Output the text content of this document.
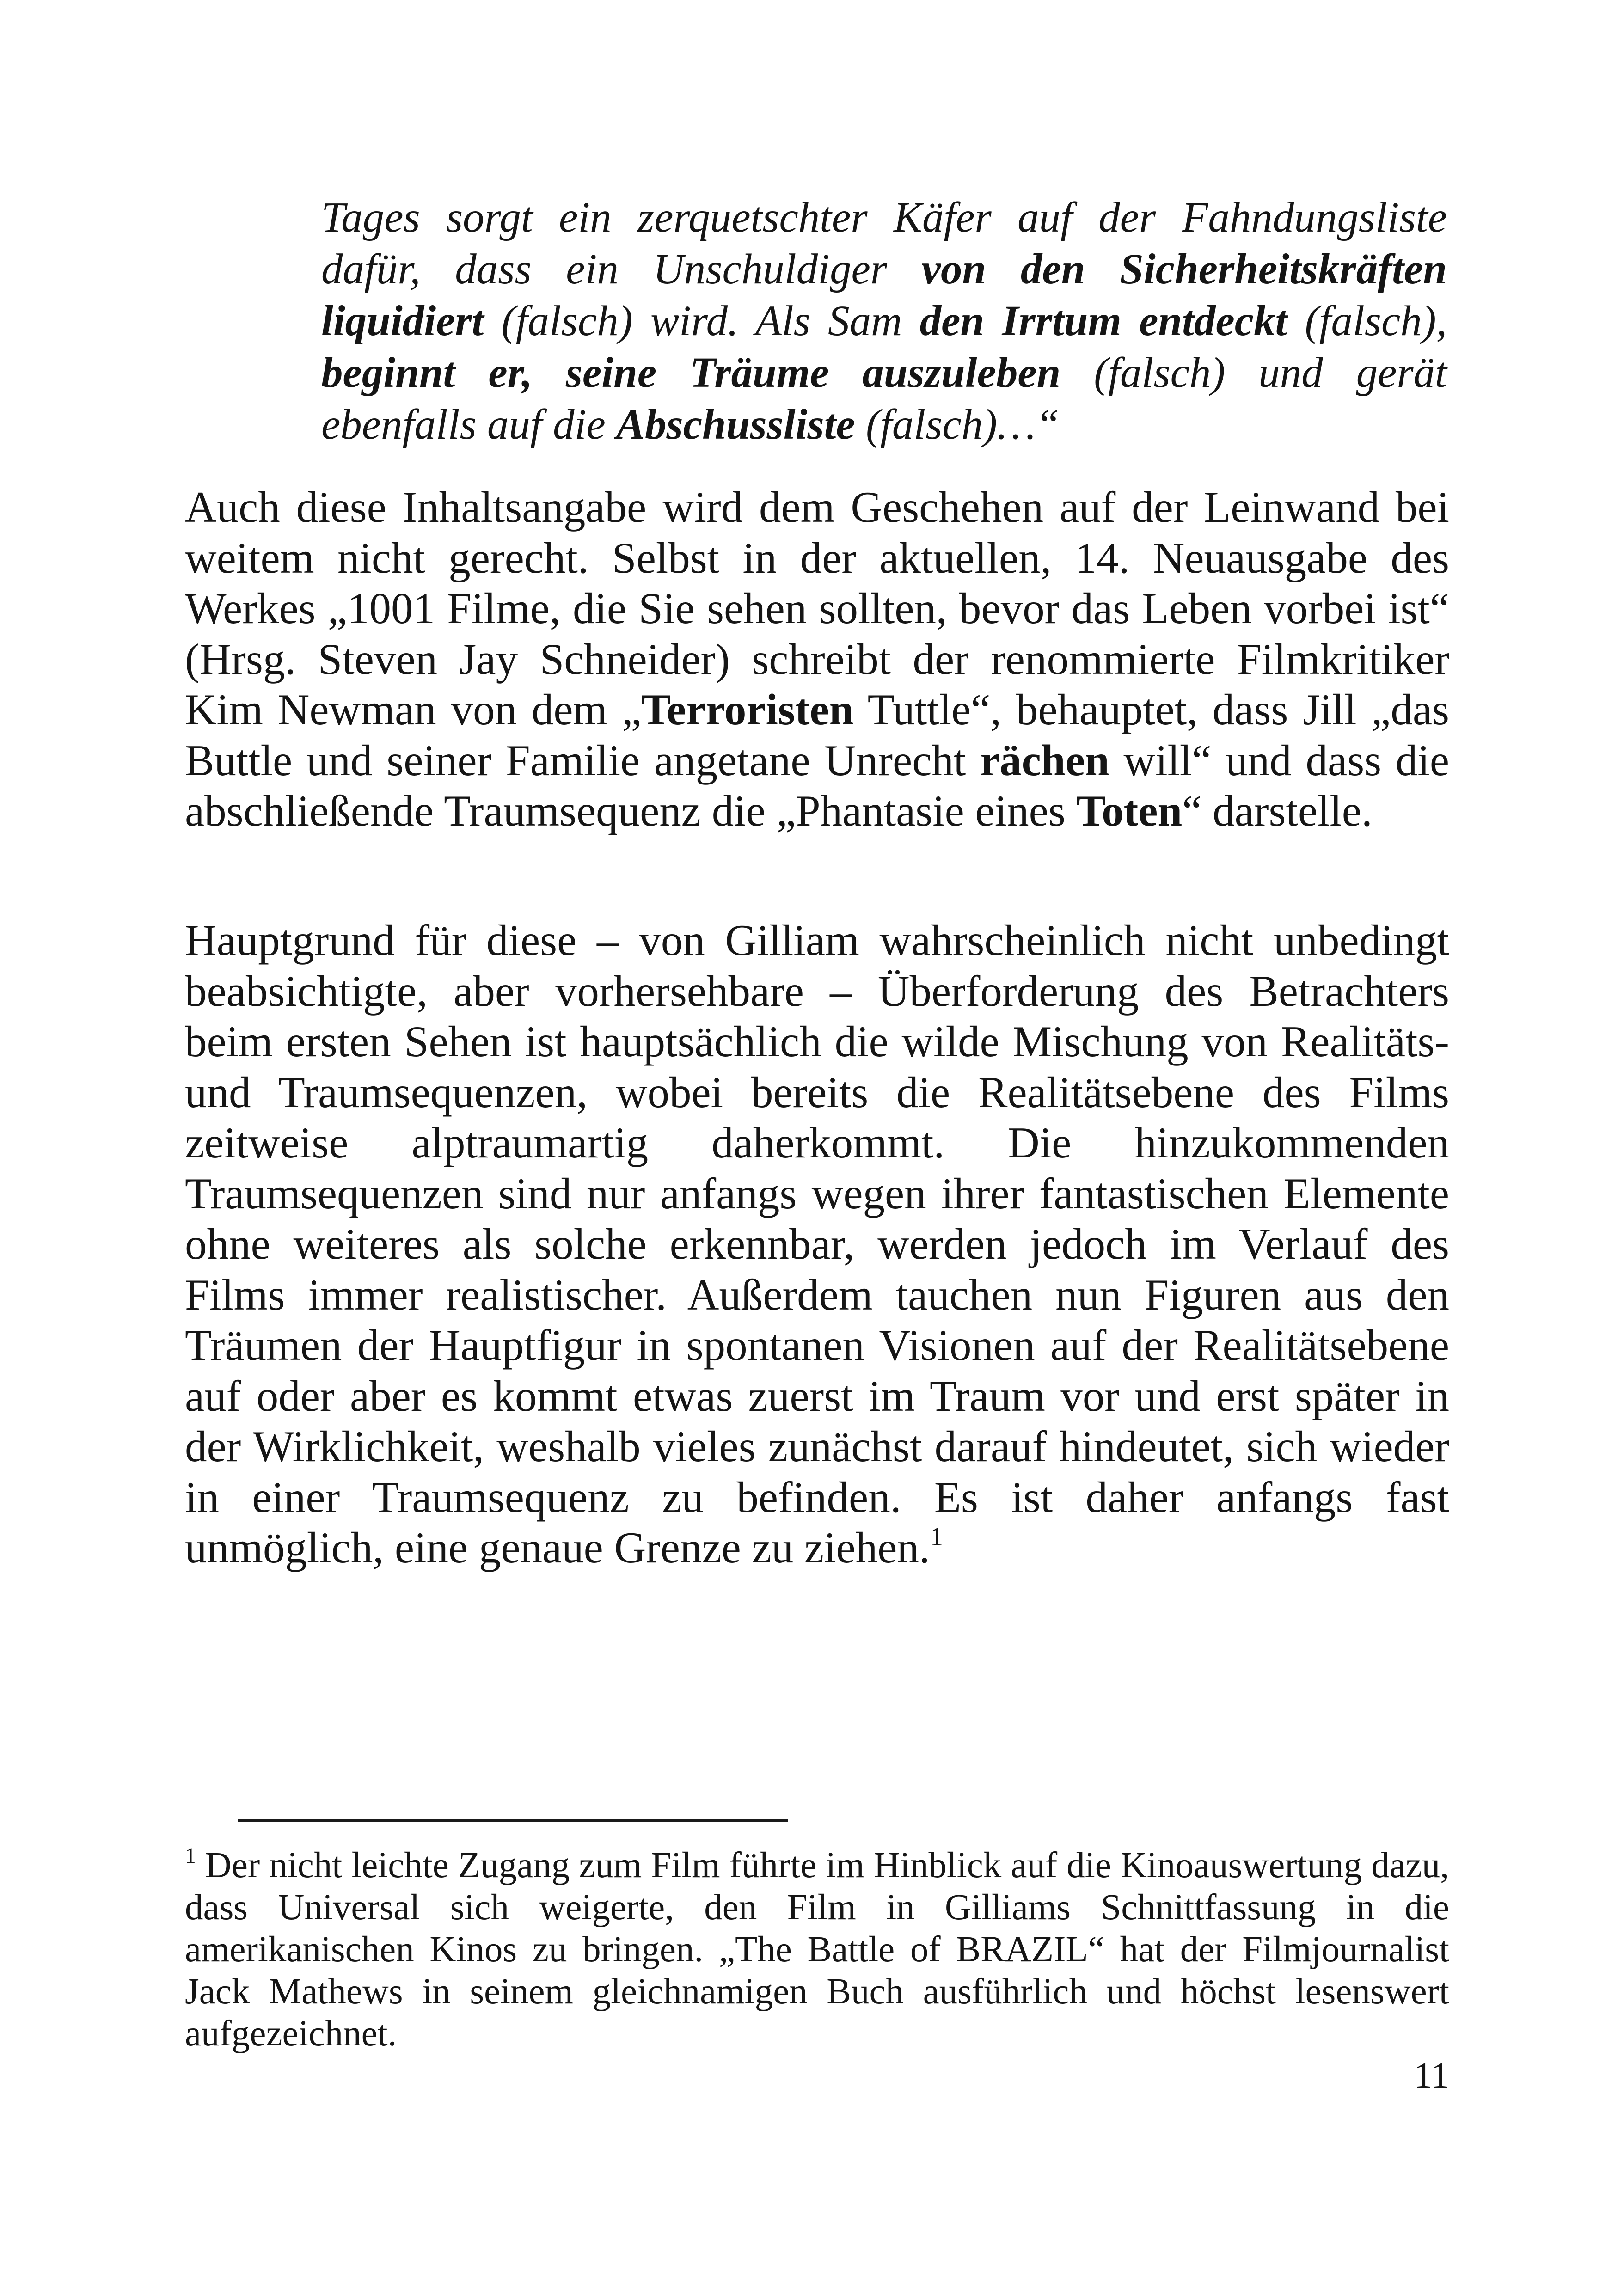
Tages sorgt ein zerquetschter Käfer auf der Fahndungsliste dafür, dass ein Unschuldiger von den Sicherheitskräften liquidiert (falsch) wird. Als Sam den Irrtum entdeckt (falsch), beginnt er, seine Träume auszuleben (falsch) und gerät ebenfalls auf die Abschussliste (falsch)…“

Auch diese Inhaltsangabe wird dem Geschehen auf der Leinwand bei weitem nicht gerecht. Selbst in der aktuellen, 14. Neuausgabe des Werkes „1001 Filme, die Sie sehen sollten, bevor das Leben vorbei ist“ (Hrsg. Steven Jay Schneider) schreibt der renommierte Filmkritiker Kim Newman von dem „Terroristen Tuttle“, behauptet, dass Jill „das Buttle und seiner Familie angetane Unrecht rächen will“ und dass die abschließende Traumsequenz die „Phantasie eines Toten“ darstelle.

Hauptgrund für diese – von Gilliam wahrscheinlich nicht unbedingt beabsichtigte, aber vorhersehbare – Überforderung des Betrachters beim ersten Sehen ist hauptsächlich die wilde Mischung von Realitäts- und Traumsequenzen, wobei bereits die Realitätsebene des Films zeitweise alptraumartig daherkommt. Die hinzukommenden Traumsequenzen sind nur anfangs wegen ihrer fantastischen Elemente ohne weiteres als solche erkennbar, werden jedoch im Verlauf des Films immer realistischer. Außerdem tauchen nun Figuren aus den Träumen der Hauptfigur in spontanen Visionen auf der Realitätsebene auf oder aber es kommt etwas zuerst im Traum vor und erst später in der Wirklichkeit, weshalb vieles zunächst darauf hindeutet, sich wieder in einer Traumsequenz zu befinden. Es ist daher anfangs fast unmöglich, eine genaue Grenze zu ziehen.$^1$

$^1$ Der nicht leichte Zugang zum Film führte im Hinblick auf die Kinoauswertung dazu, dass Universal sich weigerte, den Film in Gilliams Schnittfassung in die amerikanischen Kinos zu bringen. „The Battle of BRAZIL“ hat der Filmjournalist Jack Mathews in seinem gleichnamigen Buch ausführlich und höchst lesenswert aufgezeichnet.

11
